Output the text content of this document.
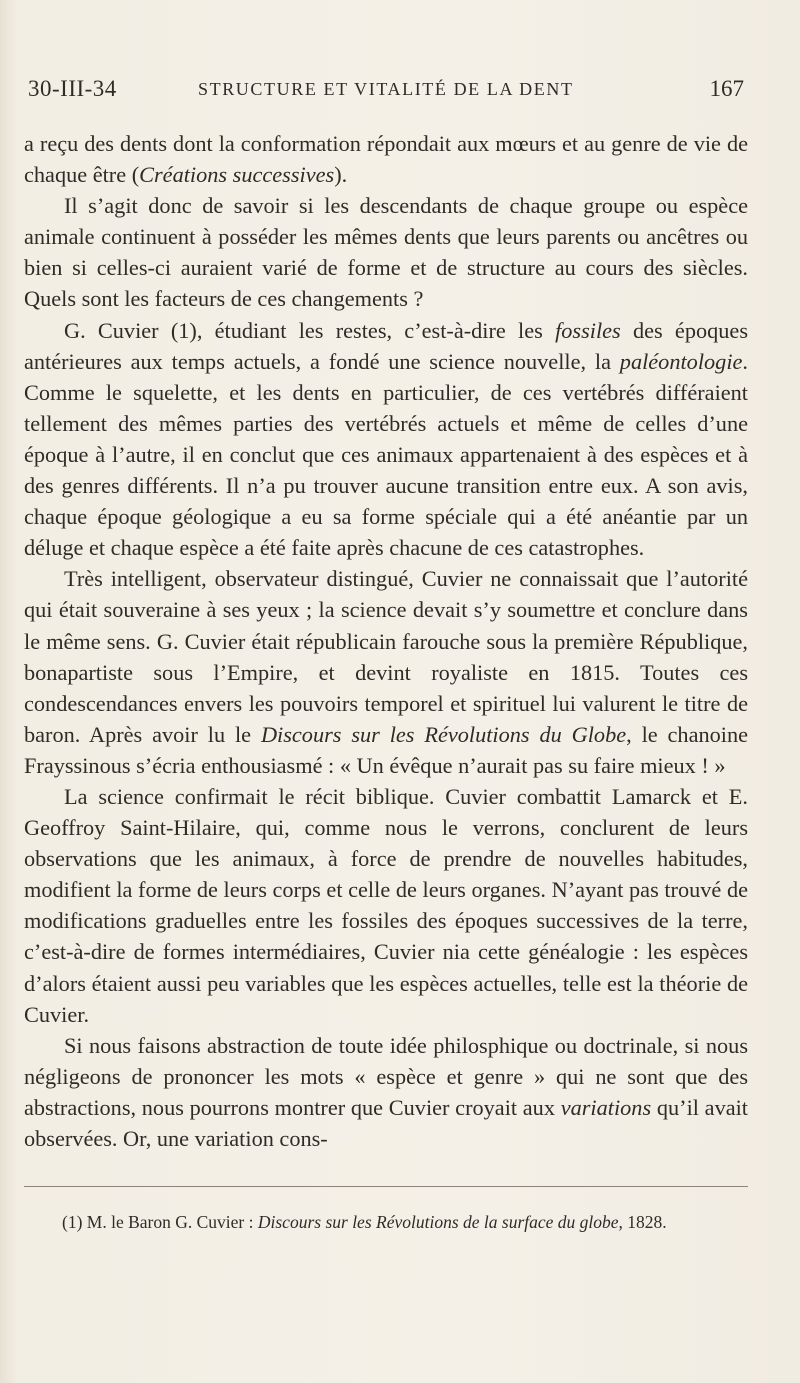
30-III-34	STRUCTURE ET VITALITÉ DE LA DENT	167

a reçu des dents dont la conformation répondait aux mœurs et au genre de vie de chaque être (Créations successives).

Il s’agit donc de savoir si les descendants de chaque groupe ou espèce animale continuent à posséder les mêmes dents que leurs parents ou ancêtres ou bien si celles-ci auraient varié de forme et de structure au cours des siècles. Quels sont les facteurs de ces changements ?

G. Cuvier (1), étudiant les restes, c’est-à-dire les fossiles des époques antérieures aux temps actuels, a fondé une science nouvelle, la paléontologie. Comme le squelette, et les dents en particulier, de ces vertébrés différaient tellement des mêmes parties des vertébrés actuels et même de celles d’une époque à l’autre, il en conclut que ces animaux appartenaient à des espèces et à des genres différents. Il n’a pu trouver aucune transition entre eux. A son avis, chaque époque géologique a eu sa forme spéciale qui a été anéantie par un déluge et chaque espèce a été faite après chacune de ces catastrophes.

Très intelligent, observateur distingué, Cuvier ne connaissait que l’autorité qui était souveraine à ses yeux ; la science devait s’y soumettre et conclure dans le même sens. G. Cuvier était républicain farouche sous la première République, bonapartiste sous l’Empire, et devint royaliste en 1815. Toutes ces condescendances envers les pouvoirs temporel et spirituel lui valurent le titre de baron. Après avoir lu le Discours sur les Révolutions du Globe, le chanoine Frayssinous s’écria enthousiasmé : « Un évêque n’aurait pas su faire mieux ! »

La science confirmait le récit biblique. Cuvier combattit Lamarck et E. Geoffroy Saint-Hilaire, qui, comme nous le verrons, conclurent de leurs observations que les animaux, à force de prendre de nouvelles habitudes, modifient la forme de leurs corps et celle de leurs organes. N’ayant pas trouvé de modifications graduelles entre les fossiles des époques successives de la terre, c’est-à-dire de formes intermédiaires, Cuvier nia cette généalogie : les espèces d’alors étaient aussi peu variables que les espèces actuelles, telle est la théorie de Cuvier.

Si nous faisons abstraction de toute idée philosphique ou doctrinale, si nous négligeons de prononcer les mots « espèce et genre » qui ne sont que des abstractions, nous pourrons montrer que Cuvier croyait aux variations qu’il avait observées. Or, une variation cons-

(1) M. le Baron G. Cuvier : Discours sur les Révolutions de la surface du globe, 1828.
